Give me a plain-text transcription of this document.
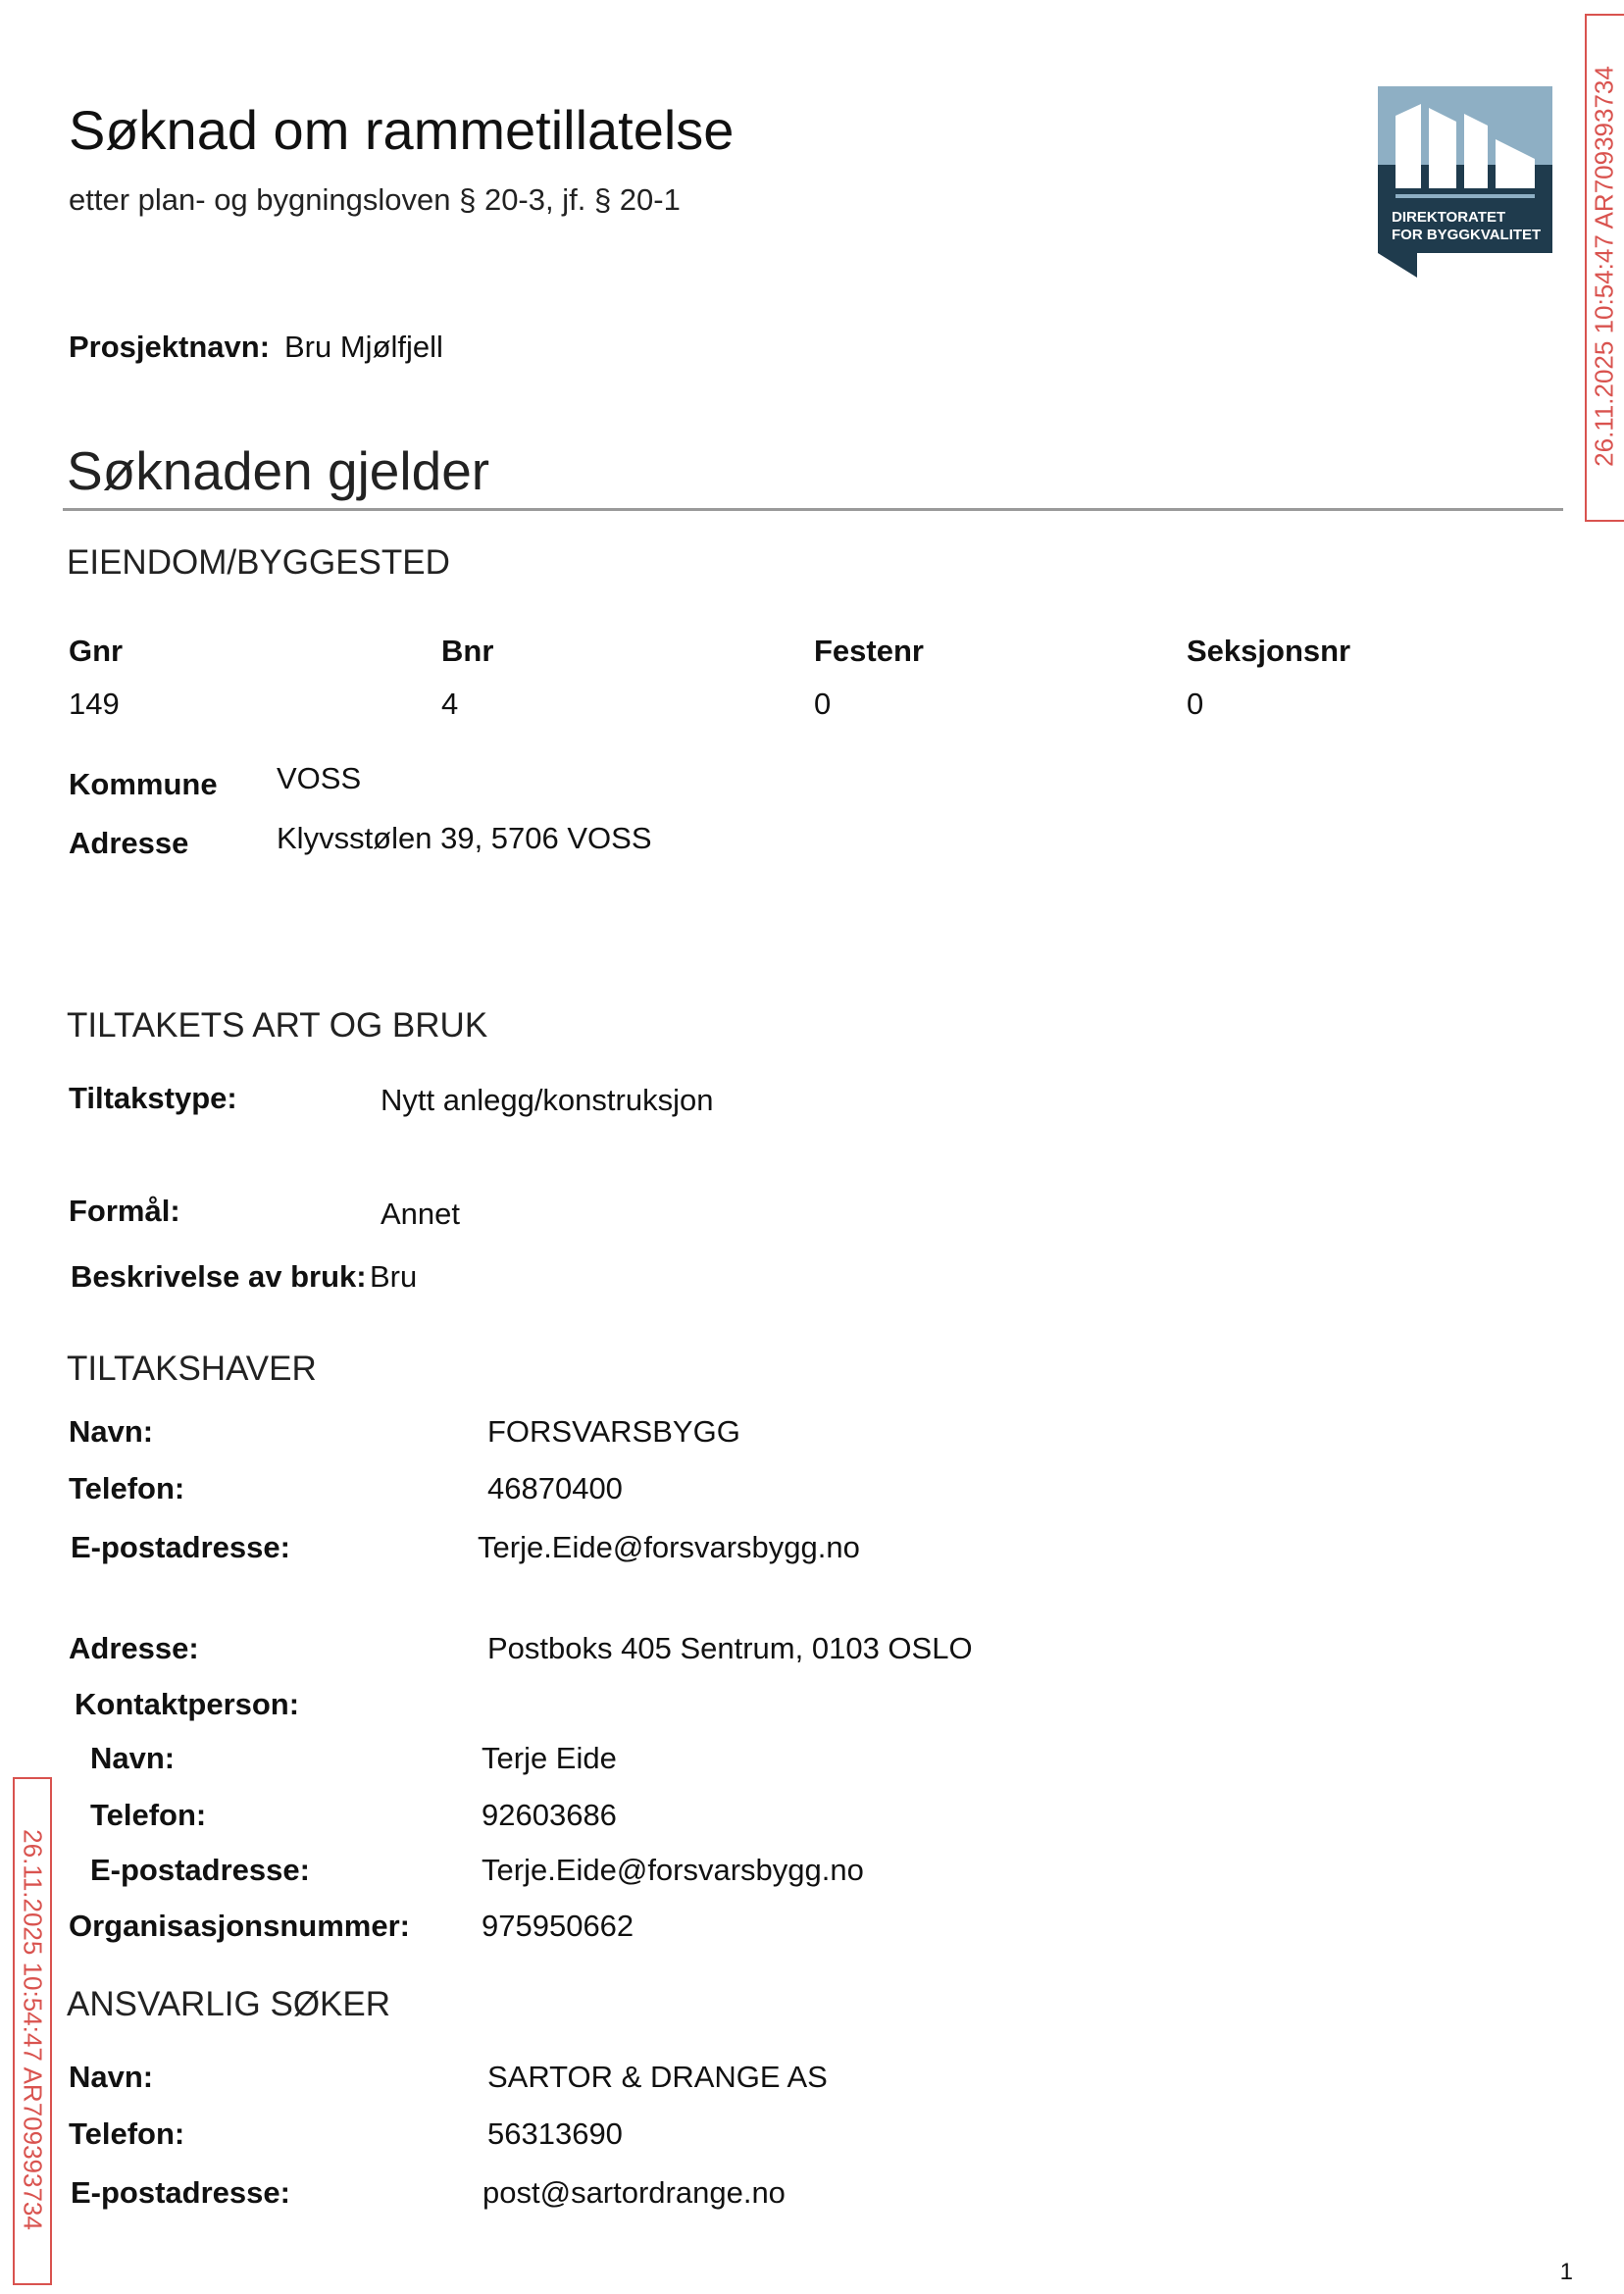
Søknad om rammetillatelse
etter plan- og bygningsloven § 20-3, jf. § 20-1
DIREKTORATET
FOR BYGGKVALITET 26.11.2025 10:54:47 AR709393734
26.11.2025 10:54:47 AR709393734
Prosjektnavn: Bru Mjølfjell
Søknaden gjelder
EIENDOM/BYGGESTED
Gnr	Bnr	Festenr	Seksjonsnr
149	4	0	0
Kommune VOSS
Adresse	Klyvsstølen 39, 5706 VOSS
TILTAKETS ART OG BRUK
Tiltakstype:	Nytt anlegg/konstruksjon
Formål:	Annet
Beskrivelse av bruk: Bru
TILTAKSHAVER
Navn:	FORSVARSBYGG
Telefon:	46870400
E-postadresse:	Terje.Eide@forsvarsbygg.no
Adresse:	Postboks 405 Sentrum, 0103 OSLO
Kontaktperson:
Navn:	Terje Eide
Telefon:	92603686
E-postadresse:	Terje.Eide@forsvarsbygg.no
Organisasjonsnummer: 975950662
ANSVARLIG SØKER
Navn:	SARTOR & DRANGE AS
Telefon:	56313690
E-postadresse:	post@sartordrange.no
1
